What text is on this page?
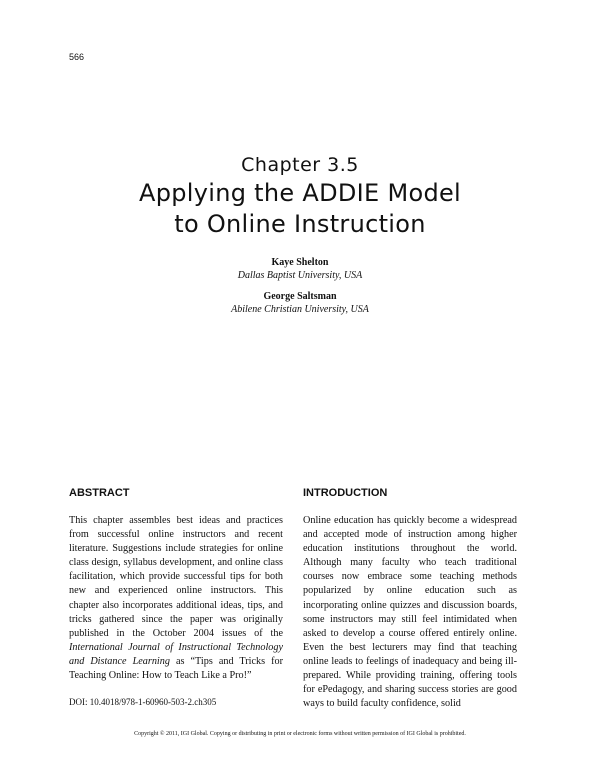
566
Chapter 3.5
Applying the ADDIE Model
to Online Instruction
Kaye Shelton
Dallas Baptist University, USA
George Saltsman
Abilene Christian University, USA
ABSTRACT	INTRODUCTION

This chapter assembles best ideas and practices from successful online instructors and recent literature. Suggestions include strategies for online class design, syllabus development, and online class facilitation, which provide successful tips for both new and experienced online instructors. This chapter also incorporates additional ideas, tips, and tricks gathered since the paper was originally published in the October 2004 issues of the International Journal of Instructional Technology and Distance Learning as “Tips and Tricks for Teaching Online: How to Teach Like a Pro!”

DOI: 10.4018/978-1-60960-503-2.ch305

Online education has quickly become a widespread and accepted mode of instruction among higher education institutions throughout the world. Although many faculty who teach traditional courses now embrace some teaching methods popularized by online education such as incorporating online quizzes and discussion boards, some instructors may still feel intimidated when asked to develop a course offered entirely online. Even the best lecturers may find that teaching online leads to feelings of inadequacy and being ill-prepared. While providing training, offering tools for ePedagogy, and sharing success stories are good ways to build faculty confidence, solid

Copyright © 2011, IGI Global. Copying or distributing in print or electronic forms without written permission of IGI Global is prohibited.
